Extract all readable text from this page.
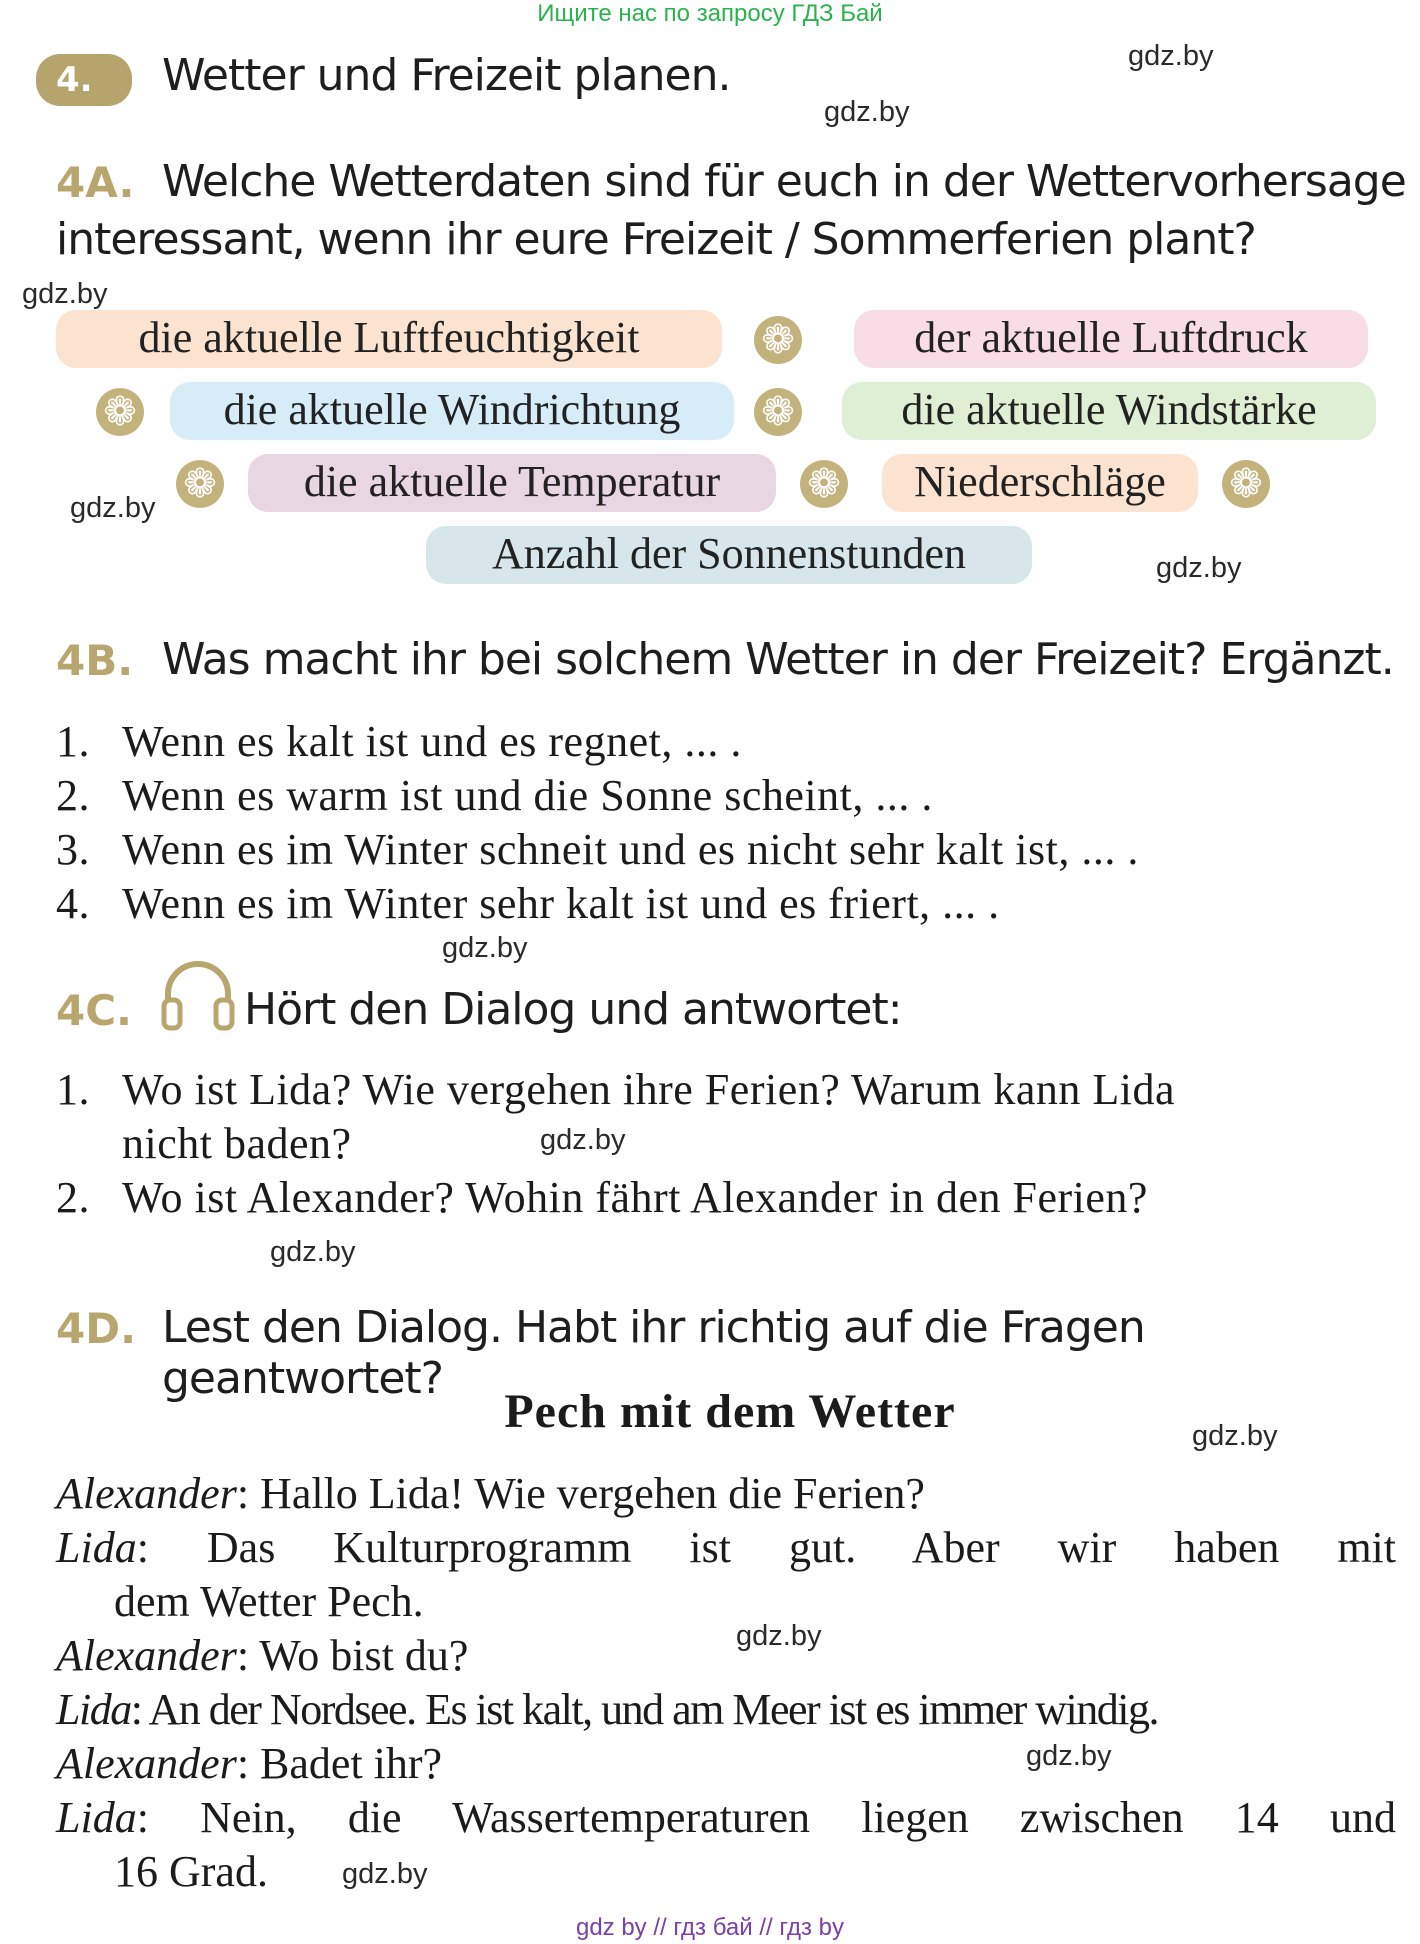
Ищите нас по запросу ГДЗ Бай
gdz by // гдз бай // гдз by
gdz.by
gdz.by
gdz.by
gdz.by
gdz.by
gdz.by
gdz.by
gdz.by
gdz.by
gdz.by
gdz.by
gdz.by
4.	Wetter und Freizeit planen.
4A. Welche Wetterdaten sind für euch in der Wettervorhersage
interessant, wenn ihr eure Freizeit / Sommerferien plant?
die aktuelle Luftfeuchtigkeit	❁	der aktuelle Luftdruck
❁	die aktuelle Windrichtung	❁	die aktuelle Windstärke
❁	die aktuelle Temperatur	❁	Niederschläge	❁
Anzahl der Sonnenstunden
4B. Was macht ihr bei solchem Wetter in der Freizeit? Ergänzt.
1. Wenn es kalt ist und es regnet, ... .
2. Wenn es warm ist und die Sonne scheint, ... .
3. Wenn es im Winter schneit und es nicht sehr kalt ist, ... .
4. Wenn es im Winter sehr kalt ist und es friert, ... .
4C.	Hört den Dialog und antwortet:
1. Wo ist Lida? Wie vergehen ihre Ferien? Warum kann Lida
nicht baden?
2. Wo ist Alexander? Wohin fährt Alexander in den Ferien?
4D. Lest den Dialog. Habt ihr richtig auf die Fragen geantwortet?
Pech mit dem Wetter
Alexander: Hallo Lida! Wie vergehen die Ferien?
Lida: Das Kulturprogramm ist gut. Aber wir haben mit
dem Wetter Pech.
Alexander: Wo bist du?
Lida: An der Nordsee. Es ist kalt, und am Meer ist es immer windig.
Alexander: Badet ihr?
Lida: Nein, die Wassertemperaturen liegen zwischen 14 und
16 Grad.
